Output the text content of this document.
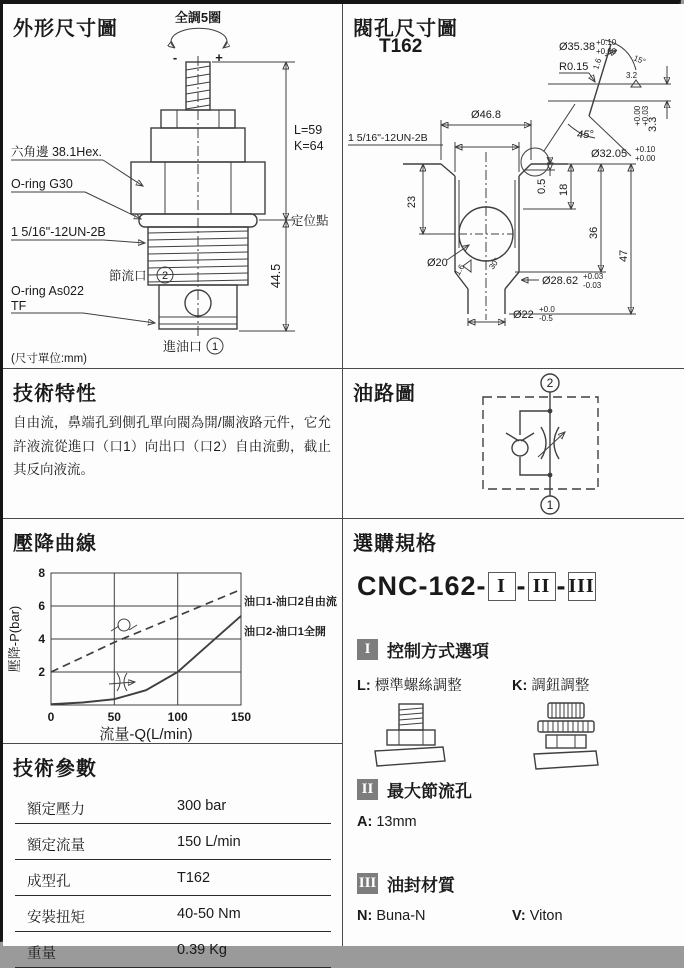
外形尺寸圖
全調5圈
-	+
L=59
K=64
定位點
44.5
六角邊 38.1Hex.
O-ring G30
1 5/16"-12UN-2B
節流口 2
O-ring As022
TF
進油口 1
(尺寸單位:mm)
閥孔尺寸圖
T162
Ø46.8
1 5/16"-12UN-2B
23
0.5 18
36
47
Ø20	30°
1.6
Ø28.62 +0.03
-0.03
Ø22 +0.0
-0.5
15°
1.6
3.2
Ø35.38 +0.10
+0.00
R0.15
45°
3.3
+0.03
+0.00
Ø32.05 +0.10
+0.00
技術特性
自由流，鼻端孔到側孔單向閥為開/關液路元件，它允許液流從進口（口1）向出口（口2）自由流動，截止其反向液流。
油路圖	2
1
壓降曲線
2
4
6
8
0	50	100	150
流量-Q(L/min)
壓降-P(bar)
油口1-油口2自由流
油口2-油口1全開
技術參數
額定壓力	300 bar
額定流量	150 L/min
成型孔	T162
安裝扭矩	40-50 Nm
重量	0.39 Kg
選購規格
CNC-162- I - II - III
I 控制方式選項
L: 標準螺絲調整	K: 調鈕調整
II 最大節流孔
A: 13mm
III 油封材質
N: Buna-N	V: Viton
